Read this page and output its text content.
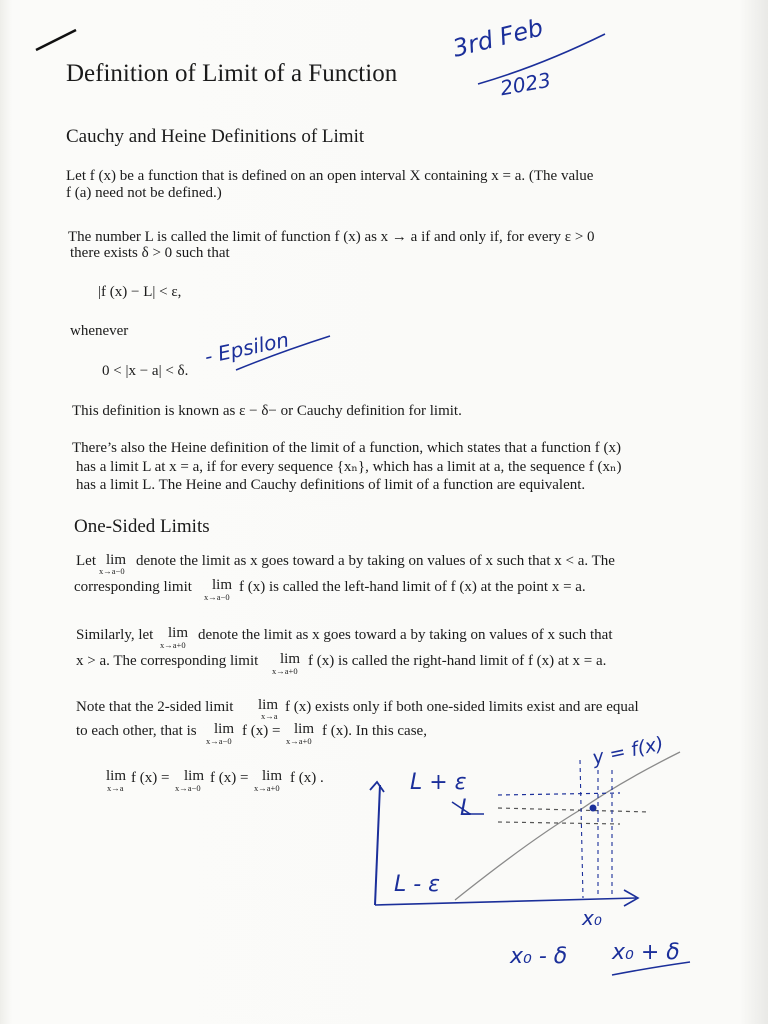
Definition of Limit of a Function
3rd Feb
2023
Cauchy and Heine Definitions of Limit
Let f (x) be a function that is defined on an open interval X containing x = a. (The value
f (a) need not be defined.)
The number L is called the limit of function f (x) as x → a if and only if, for every ε > 0
there exists δ > 0 such that
|f (x) − L| < ε,
whenever
0 < |x − a| < δ.
- Epsilon
This definition is known as ε − δ− or Cauchy definition for limit.
There’s also the Heine definition of the limit of a function, which states that a function f (x)
has a limit L at x = a, if for every sequence {xₙ}, which has a limit at a, the sequence f (xₙ)
has a limit L. The Heine and Cauchy definitions of limit of a function are equivalent.
One-Sided Limits
Let lim
x→a−0
denote the limit as x goes toward a by taking on values of x such that x < a. The
corresponding limit lim
x→a−0
f (x) is called the left-hand limit of f (x) at the point x = a.
Similarly, let lim
x→a+0
denote the limit as x goes toward a by taking on values of x such that
x > a. The corresponding limit lim
x→a+0
f (x) is called the right-hand limit of f (x) at x = a.
Note that the 2-sided limit lim
x→a
f (x) exists only if both one-sided limits exist and are equal
to each other, that is lim
x→a−0
f (x) = lim
x→a+0
f (x). In this case,
lim
x→a
f (x) = lim
x→a−0
f (x) = lim
x→a+0
f (x) .
y = f(x)
L + ε
L
L - ε
x₀
x₀ - δ x₀ + δ
